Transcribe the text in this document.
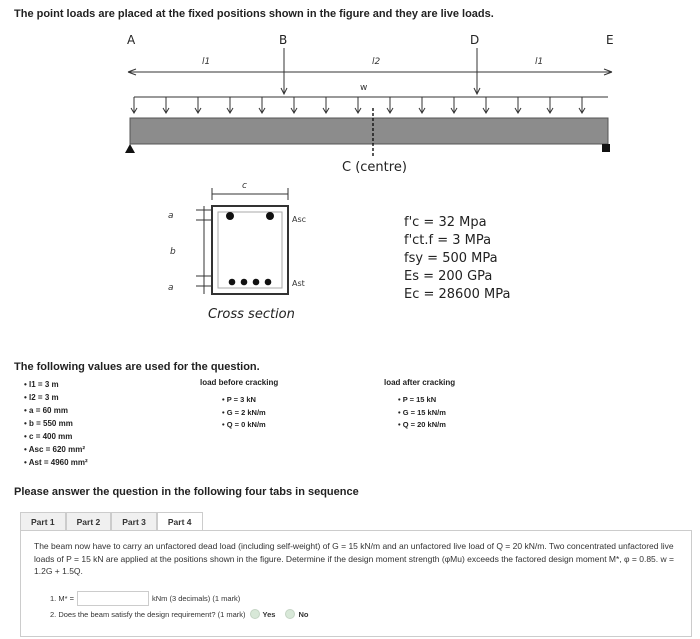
The point loads are placed at the fixed positions shown in the figure and they are live loads.
A	B	D	E
l1	l2	l1
w
C (centre)
c
a
b
a
Asc
Ast
Cross section
f'c = 32 Mpa
f'ct.f = 3 MPa
fsy = 500 MPa
Es = 200 GPa
Ec = 28600 MPa
The following values are used for the question.
• l1 = 3 m
• l2 = 3 m
• a = 60 mm
• b = 550 mm
• c = 400 mm
• Asc = 620 mm²
• Ast = 4960 mm²
load before cracking
• P = 3 kN
• G = 2 kN/m
• Q = 0 kN/m
load after cracking
• P = 15 kN
• G = 15 kN/m
• Q = 20 kN/m
Please answer the question in the following four tabs in sequence
Part 1	Part 2	Part 3	Part 4
The beam now have to carry an unfactored dead load (including self-weight) of G = 15 kN/m and an unfactored live load of Q = 20 kN/m. Two concentrated unfactored live loads of P = 15 kN are applied at the positions shown in the figure. Determine if the design moment strength (φMu) exceeds the factored design moment M*, φ = 0.85. w = 1.2G + 1.5Q.
1. M* =	kNm (3 decimals) (1 mark)
2. Does the beam satisfy the design requirement? (1 mark) Yes	No
